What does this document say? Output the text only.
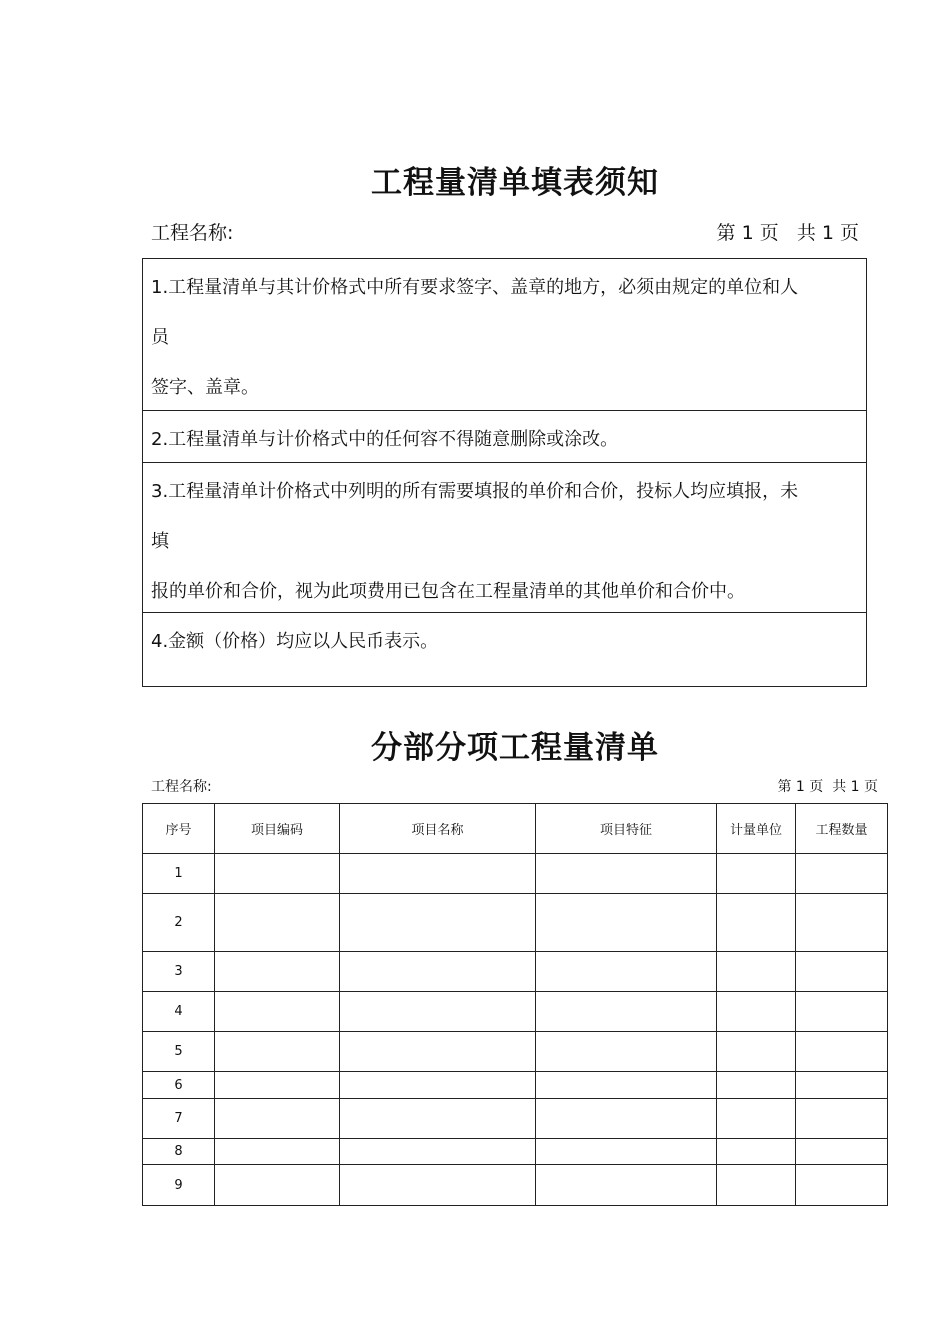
工程量清单填表须知
工程名称:	第 1 页   共 1 页
1.工程量清单与其计价格式中所有要求签字、盖章的地方，必须由规定的单位和人
员
签字、盖章。
2.工程量清单与计价格式中的任何容不得随意删除或涂改。
3.工程量清单计价格式中列明的所有需要填报的单价和合价，投标人均应填报，未
填
报的单价和合价，视为此项费用已包含在工程量清单的其他单价和合价中。
4.金额（价格）均应以人民币表示。
分部分项工程量清单
工程名称:	第 1 页  共 1 页
序号	项目编码	项目名称	项目特征	计量单位	工程数量
1					
2					
3					
4					
5					
6					
7					
8					
9					
